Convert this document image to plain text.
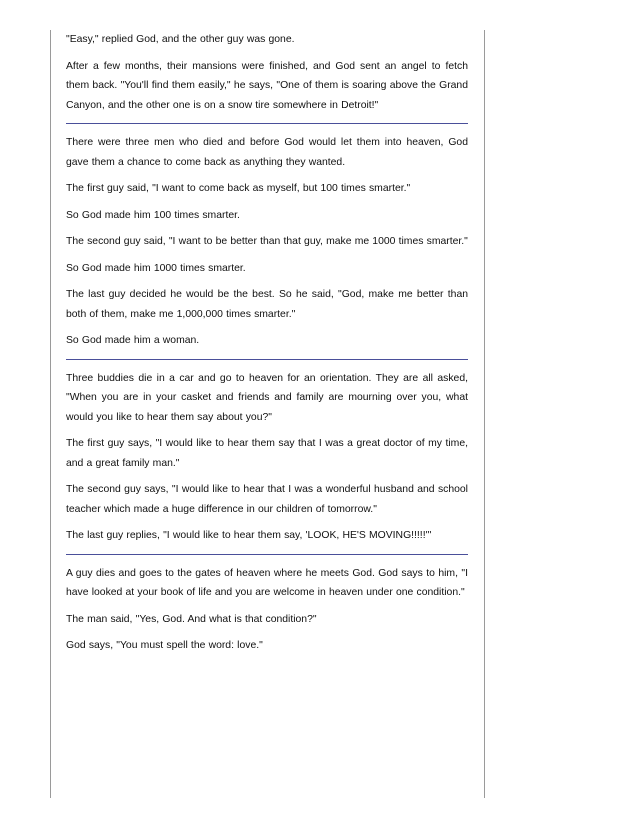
"Easy," replied God, and the other guy was gone.

After a few months, their mansions were finished, and God sent an angel to fetch them back. "You'll find them easily," he says, "One of them is soaring above the Grand Canyon, and the other one is on a snow tire somewhere in Detroit!"

There were three men who died and before God would let them into heaven, God gave them a chance to come back as anything they wanted.

The first guy said, "I want to come back as myself, but 100 times smarter."

So God made him 100 times smarter.

The second guy said, "I want to be better than that guy, make me 1000 times smarter."

So God made him 1000 times smarter.

The last guy decided he would be the best. So he said, "God, make me better than both of them, make me 1,000,000 times smarter."

So God made him a woman.

Three buddies die in a car and go to heaven for an orientation. They are all asked, "When you are in your casket and friends and family are mourning over you, what would you like to hear them say about you?"

The first guy says, "I would like to hear them say that I was a great doctor of my time, and a great family man."

The second guy says, "I would like to hear that I was a wonderful husband and school teacher which made a huge difference in our children of tomorrow."

The last guy replies, "I would like to hear them say, 'LOOK, HE'S MOVING!!!!!'"

A guy dies and goes to the gates of heaven where he meets God. God says to him, "I have looked at your book of life and you are welcome in heaven under one condition."

The man said, "Yes, God. And what is that condition?"

God says, "You must spell the word: love."
